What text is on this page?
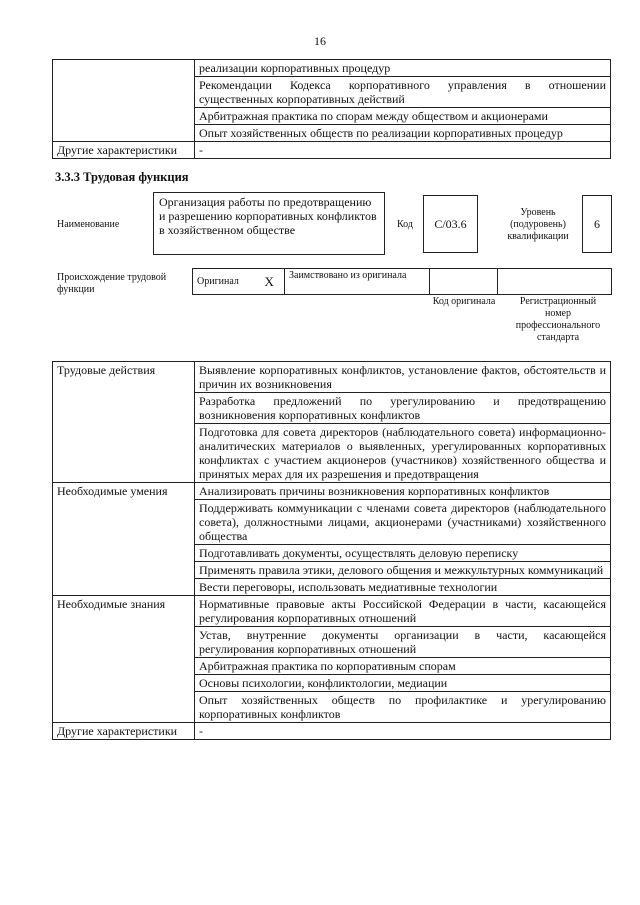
16
	реализации корпоративных процедур
	Рекомендации Кодекса корпоративного управления в отношении существенных корпоративных действий
	Арбитражная практика по спорам между обществом и акционерами
	Опыт хозяйственных обществ по реализации корпоративных процедур
Другие характеристики	-
3.3.3 Трудовая функция
Наименование
Организация работы по предотвращению и разрешению корпоративных конфликтов в хозяйственном обществе	Код С/03.6
Уровень (подуровень) квалификации
6
Происхождение трудовой функции
Оригинал	X	Заимствовано из оригинала		
Код оригинала	Регистрационный номер профессионального стандарта
Трудовые действия	Выявление корпоративных конфликтов, установление фактов, обстоятельств и причин их возникновения
	Разработка предложений по урегулированию и предотвращению возникновения корпоративных конфликтов
	Подготовка для совета директоров (наблюдательного совета) информационно-аналитических материалов о выявленных, урегулированных корпоративных конфликтах с участием акционеров (участников) хозяйственного общества и принятых мерах для их разрешения и предотвращения
Необходимые умения	Анализировать причины возникновения корпоративных конфликтов
	Поддерживать коммуникации с членами совета директоров (наблюдательного совета), должностными лицами, акционерами (участниками) хозяйственного общества
	Подготавливать документы, осуществлять деловую переписку
	Применять правила этики, делового общения и межкультурных коммуникаций
	Вести переговоры, использовать медиативные технологии
Необходимые знания	Нормативные правовые акты Российской Федерации в части, касающейся регулирования корпоративных отношений
	Устав, внутренние документы организации в части, касающейся регулирования корпоративных отношений
	Арбитражная практика по корпоративным спорам
	Основы психологии, конфликтологии, медиации
	Опыт хозяйственных обществ по профилактике и урегулированию корпоративных конфликтов
Другие характеристики	-
